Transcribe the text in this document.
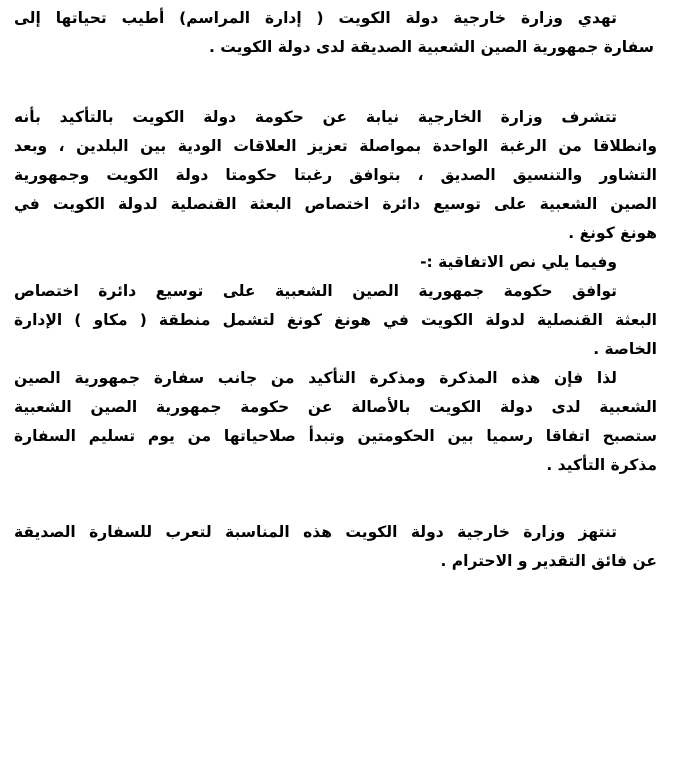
تهدي وزارة خارجية دولة الكويت ( إدارة المراسم) أطيب تحياتها إلى
سفارة جمهورية الصين الشعبية الصديقة لدى دولة الكويت .
تتشرف وزارة الخارجية نيابة عن حكومة دولة الكويت بالتأكيد بأنه
وانطلاقا من الرغبة الواحدة بمواصلة تعزيز العلاقات الودية بين البلدين ، وبعد
التشاور والتنسيق الصديق ، بتوافق رغبتا حكومتا دولة الكويت وجمهورية
الصين الشعبية على توسيع دائرة اختصاص البعثة القنصلية لدولة الكويت في
هونغ كونغ .
وفيما يلي نص الاتفاقية :-
توافق حكومة جمهورية الصين الشعبية على توسيع دائرة اختصاص
البعثة القنصلية لدولة الكويت في هونغ كونغ لتشمل منطقة ( مكاو ) الإدارة
الخاصة .
لذا فإن هذه المذكرة ومذكرة التأكيد من جانب سفارة جمهورية الصين
الشعبية لدى دولة الكويت بالأصالة عن حكومة جمهورية الصين الشعبية
ستصبح اتفاقا رسميا بين الحكومتين وتبدأ صلاحياتها من يوم تسليم السفارة
مذكرة التأكيد .
تنتهز وزارة خارجية دولة الكويت هذه المناسبة لتعرب للسفارة الصديقة
عن فائق التقدير و الاحترام .
